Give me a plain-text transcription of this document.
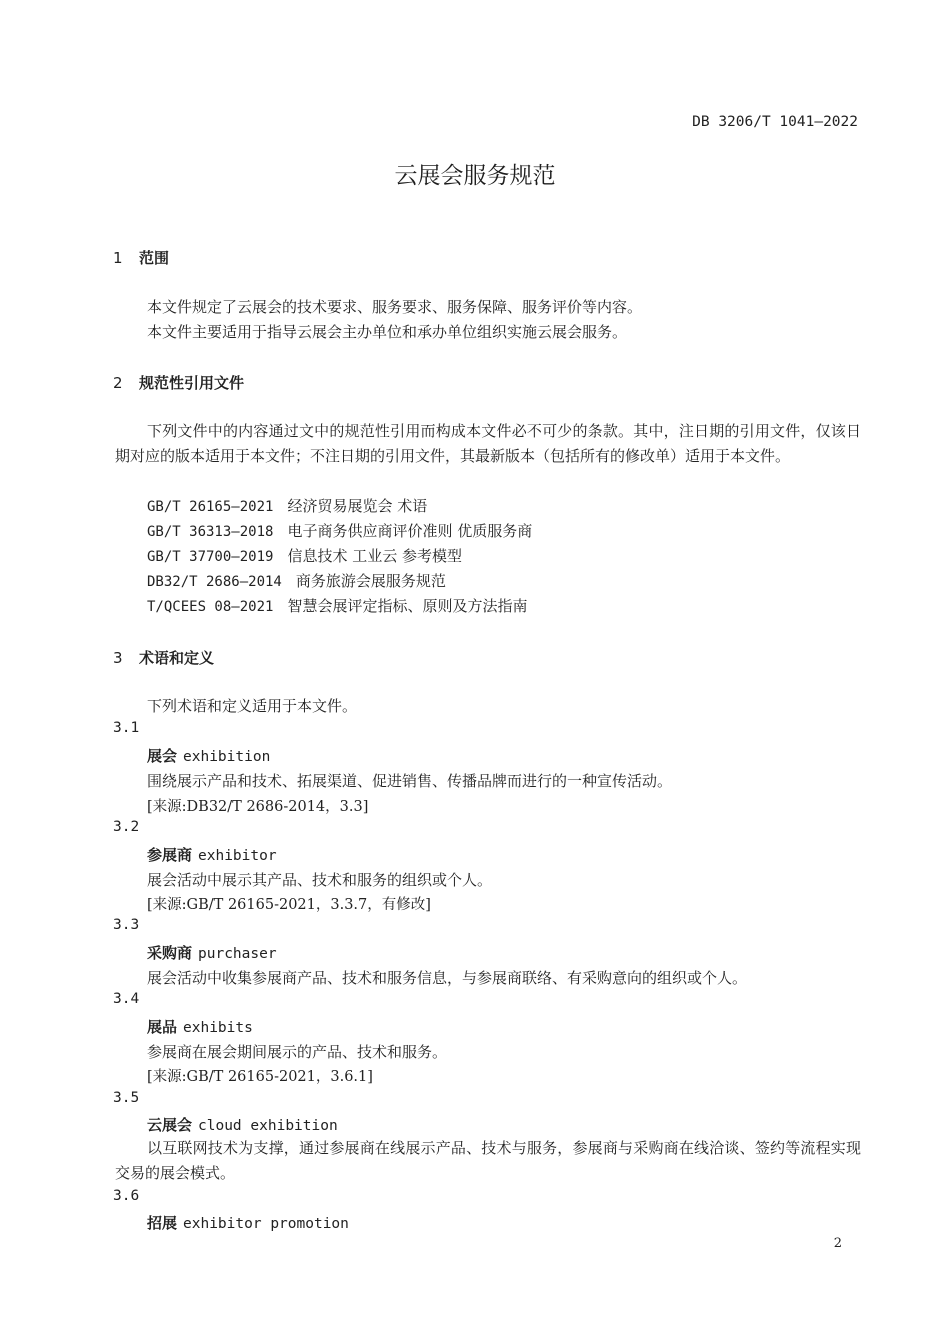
DB 3206/T 1041—2022
云展会服务规范
1 范围

本文件规定了云展会的技术要求、服务要求、服务保障、服务评价等内容。

本文件主要适用于指导云展会主办单位和承办单位组织实施云展会服务。

2 规范性引用文件

下列文件中的内容通过文中的规范性引用而构成本文件必不可少的条款。其中，注日期的引用文件，仅该日期对应的版本适用于本文件；不注日期的引用文件，其最新版本（包括所有的修改单）适用于本文件。

GB/T 26165—2021 经济贸易展览会 术语
GB/T 36313—2018 电子商务供应商评价准则 优质服务商
GB/T 37700—2019 信息技术 工业云 参考模型
DB32/T 2686—2014 商务旅游会展服务规范
T/QCEES 08—2021 智慧会展评定指标、原则及方法指南
3 术语和定义

下列术语和定义适用于本文件。

3.1
展会 exhibition

围绕展示产品和技术、拓展渠道、促进销售、传播品牌而进行的一种宣传活动。

[来源:DB32/T 2686-2014，3.3]

3.2
参展商 exhibitor

展会活动中展示其产品、技术和服务的组织或个人。

[来源:GB/T 26165-2021，3.3.7，有修改]

3.3
采购商 purchaser

展会活动中收集参展商产品、技术和服务信息，与参展商联络、有采购意向的组织或个人。

3.4
展品 exhibits

参展商在展会期间展示的产品、技术和服务。

[来源:GB/T 26165-2021，3.6.1]

3.5
云展会 cloud exhibition

以互联网技术为支撑，通过参展商在线展示产品、技术与服务，参展商与采购商在线洽谈、签约等流程实现交易的展会模式。

3.6
招展 exhibitor promotion
2
